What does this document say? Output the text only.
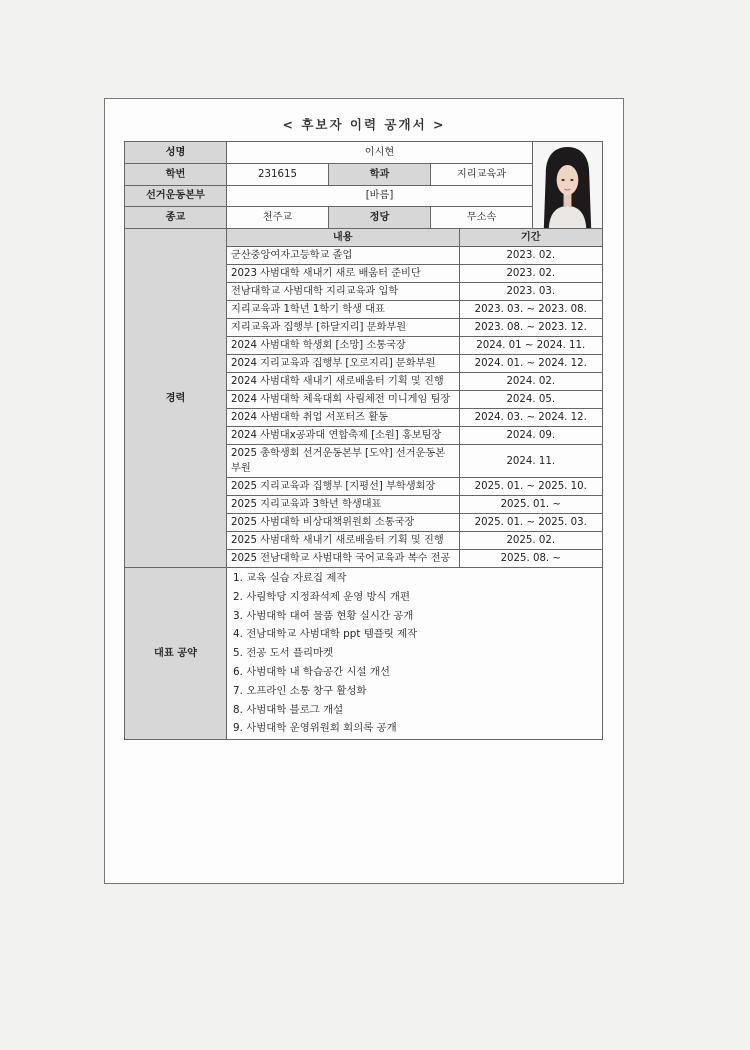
< 후보자 이력 공개서 >
성명	이시현	

학번	231615	학과	지리교육과
선거운동본부	[바름]
종교	천주교	정당	무소속
경력	
내용	기간
군산중앙여자고등학교 졸업	2023. 02.
2023 사범대학 새내기 새로 배움터 준비단	2023. 02.
전남대학교 사범대학 지리교육과 입학	2023. 03.
지리교육과 1학년 1학기 학생 대표	2023. 03. ~ 2023. 08.
지리교육과 집행부 [하달지리] 문화부원	2023. 08. ~ 2023. 12.
2024 사범대학 학생회 [소망] 소통국장	2024. 01 ~ 2024. 11.
2024 지리교육과 집행부 [오로지리] 문화부원	2024. 01. ~ 2024. 12.
2024 사범대학 새내기 새로배움터 기획 및 진행	2024. 02.
2024 사범대학 체육대회 사림체전 미니게임 팀장	2024. 05.
2024 사범대학 취업 서포터즈 활동	2024. 03. ~ 2024. 12.
2024 사범대x공과대 연합축제 [소원] 홍보팀장	2024. 09.
2025 총학생회 선거운동본부 [도약] 선거운동본부원	2024. 11.
2025 지리교육과 집행부 [지평선] 부학생회장	2025. 01. ~ 2025. 10.
2025 지리교육과 3학년 학생대표	2025. 01. ~
2025 사범대학 비상대책위원회 소통국장	2025. 01. ~ 2025. 03.
2025 사범대학 새내기 새로배움터 기획 및 진행	2025. 02.
2025 전남대학교 사범대학 국어교육과 복수 전공	2025. 08. ~

대표 공약	
1. 교육 실습 자료집 제작
2. 사림학당 지정좌석제 운영 방식 개편
3. 사범대학 대여 물품 현황 실시간 공개
4. 전남대학교 사범대학 ppt 템플릿 제작
5. 전공 도서 플리마켓
6. 사범대학 내 학습공간 시설 개선
7. 오프라인 소통 창구 활성화
8. 사범대학 블로그 개설
9. 사범대학 운영위원회 회의록 공개
